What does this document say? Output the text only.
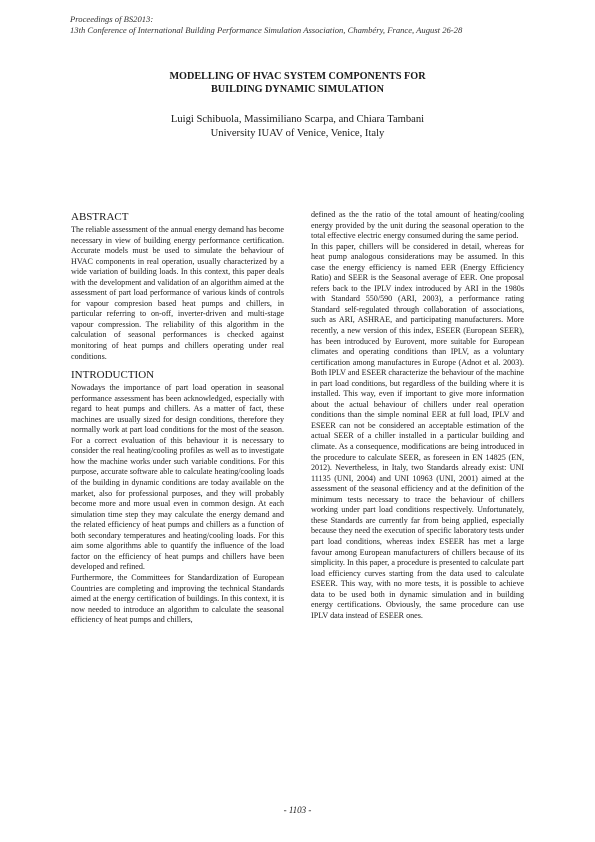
Proceedings of BS2013:
13th Conference of International Building Performance Simulation Association, Chambéry, France, August 26-28
MODELLING OF HVAC SYSTEM COMPONENTS FOR
BUILDING DYNAMIC SIMULATION
Luigi Schibuola, Massimiliano Scarpa, and Chiara Tambani
University IUAV of Venice, Venice, Italy
ABSTRACT

The reliable assessment of the annual energy demand has become necessary in view of building energy performance certification. Accurate models must be used to simulate the behaviour of HVAC components in real operation, usually characterized by a wide variation of building loads. In this context, this paper deals with the development and validation of an algorithm aimed at the assessment of part load performance of various kinds of controls for vapour compresion based heat pumps and chillers, in particular referring to on-off, inverter-driven and multi-stage vapour compression. The reliability of this algorithm in the calculation of seasonal performances is checked against monitoring of heat pumps and chillers operating under real conditions.

INTRODUCTION

Nowadays the importance of part load operation in seasonal performance assessment has been acknowledged, especially with regard to heat pumps and chillers. As a matter of fact, these machines are usually sized for design conditions, therefore they normally work at part load conditions for the most of the season. For a correct evaluation of this behaviour it is necessary to consider the real heating/cooling profiles as well as to investigate how the machine works under such variable conditions. For this purpose, accurate software able to calculate heating/cooling loads of the building in dynamic conditions are today available on the market, also for professional purposes, and they will probably become more and more usual even in common design. At each simulation time step they may calculate the energy demand and the related efficiency of heat pumps and chillers as a function of both secondary temperatures and heating/cooling loads. For this aim some algorithms able to quantify the influence of the load factor on the efficiency of heat pumps and chillers have been developed and refined.

Furthermore, the Committees for Standardization of European Countries are completing and improving the technical Standards aimed at the energy certification of buildings. In this context, it is now needed to introduce an algorithm to calculate the seasonal efficiency of heat pumps and chillers,

defined as the the ratio of the total amount of heating/cooling energy provided by the unit during the seasonal operation to the total effective electric energy consumed during the same period.

In this paper, chillers will be considered in detail, whereas for heat pump analogous considerations may be assumed. In this case the energy efficiency is named EER (Energy Efficiency Ratio) and SEER is the Seasonal average of EER. One proposal refers back to the IPLV index introduced by ARI in the 1980s with Standard 550/590 (ARI, 2003), a performance rating Standard self-regulated through collaboration of associations, such as ARI, ASHRAE, and participating manufacturers. More recently, a new version of this index, ESEER (European SEER), has been introduced by Eurovent, more suitable for European climates and operating conditions than IPLV, as a voluntary certification among manufactures in Europe (Adnot et al. 2003). Both IPLV and ESEER characterize the behaviour of the machine in part load conditions, but regardless of the building where it is installed. This way, even if important to give more information about the actual behaviour of chillers under real operation conditions than the simple nominal EER at full load, IPLV and ESEER can not be considered an acceptable estimation of the actual SEER of a chiller installed in a particular building and climate. As a consequence, modifications are being introduced in the procedure to calculate SEER, as foreseen in EN 14825 (EN, 2012). Nevertheless, in Italy, two Standards already exist: UNI 11135 (UNI, 2004) and UNI 10963 (UNI, 2001) aimed at the assessment of the seasonal efficiency and at the definition of the minimum tests necessary to trace the behaviour of chillers working under part load conditions respectively. Unfortunately, these Standards are currently far from being applied, especially because they need the execution of specific laboratory tests under part load conditions, whereas index ESEER has met a large favour among European manufacturers of chillers because of its simplicity. In this paper, a procedure is presented to calculate part load efficiency curves starting from the data used to calculate ESEER. This way, with no more tests, it is possible to achieve data to be used both in dynamic simulation and in building energy certifications. Obviously, the same procedure can use IPLV data instead of ESEER ones.

- 1103 -
